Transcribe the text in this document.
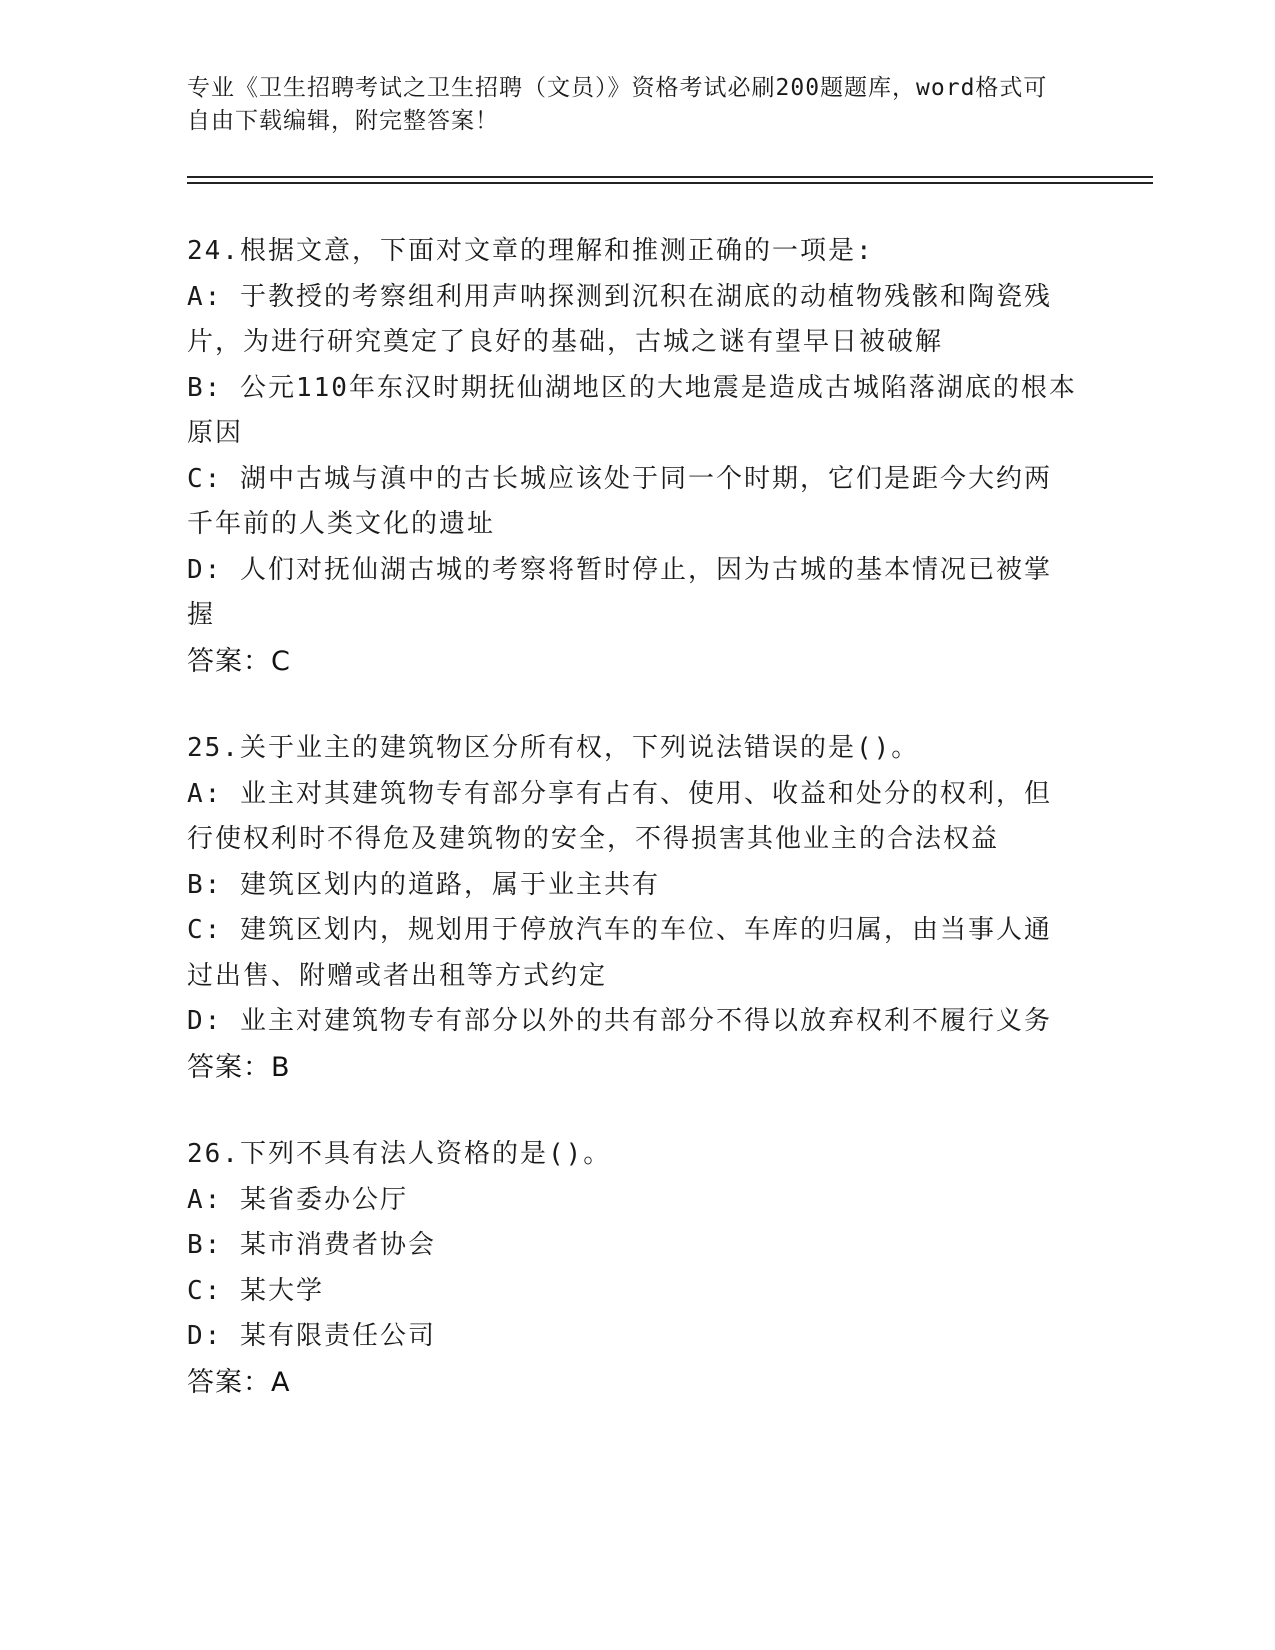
专业《卫生招聘考试之卫生招聘（文员）》资格考试必刷200题题库，word格式可自由下载编辑，附完整答案！
24.根据文意，下面对文章的理解和推测正确的一项是:
A: 于教授的考察组利用声呐探测到沉积在湖底的动植物残骸和陶瓷残片，为进行研究奠定了良好的基础，古城之谜有望早日被破解
B: 公元110年东汉时期抚仙湖地区的大地震是造成古城陷落湖底的根本原因
C: 湖中古城与滇中的古长城应该处于同一个时期，它们是距今大约两千年前的人类文化的遗址
D: 人们对抚仙湖古城的考察将暂时停止，因为古城的基本情况已被掌握
答案：C
25.关于业主的建筑物区分所有权，下列说法错误的是()。
A: 业主对其建筑物专有部分享有占有、使用、收益和处分的权利，但行使权利时不得危及建筑物的安全，不得损害其他业主的合法权益
B: 建筑区划内的道路，属于业主共有
C: 建筑区划内，规划用于停放汽车的车位、车库的归属，由当事人通过出售、附赠或者出租等方式约定
D: 业主对建筑物专有部分以外的共有部分不得以放弃权利不履行义务
答案：B
26.下列不具有法人资格的是()。
A: 某省委办公厅
B: 某市消费者协会
C: 某大学
D: 某有限责任公司
答案：A
